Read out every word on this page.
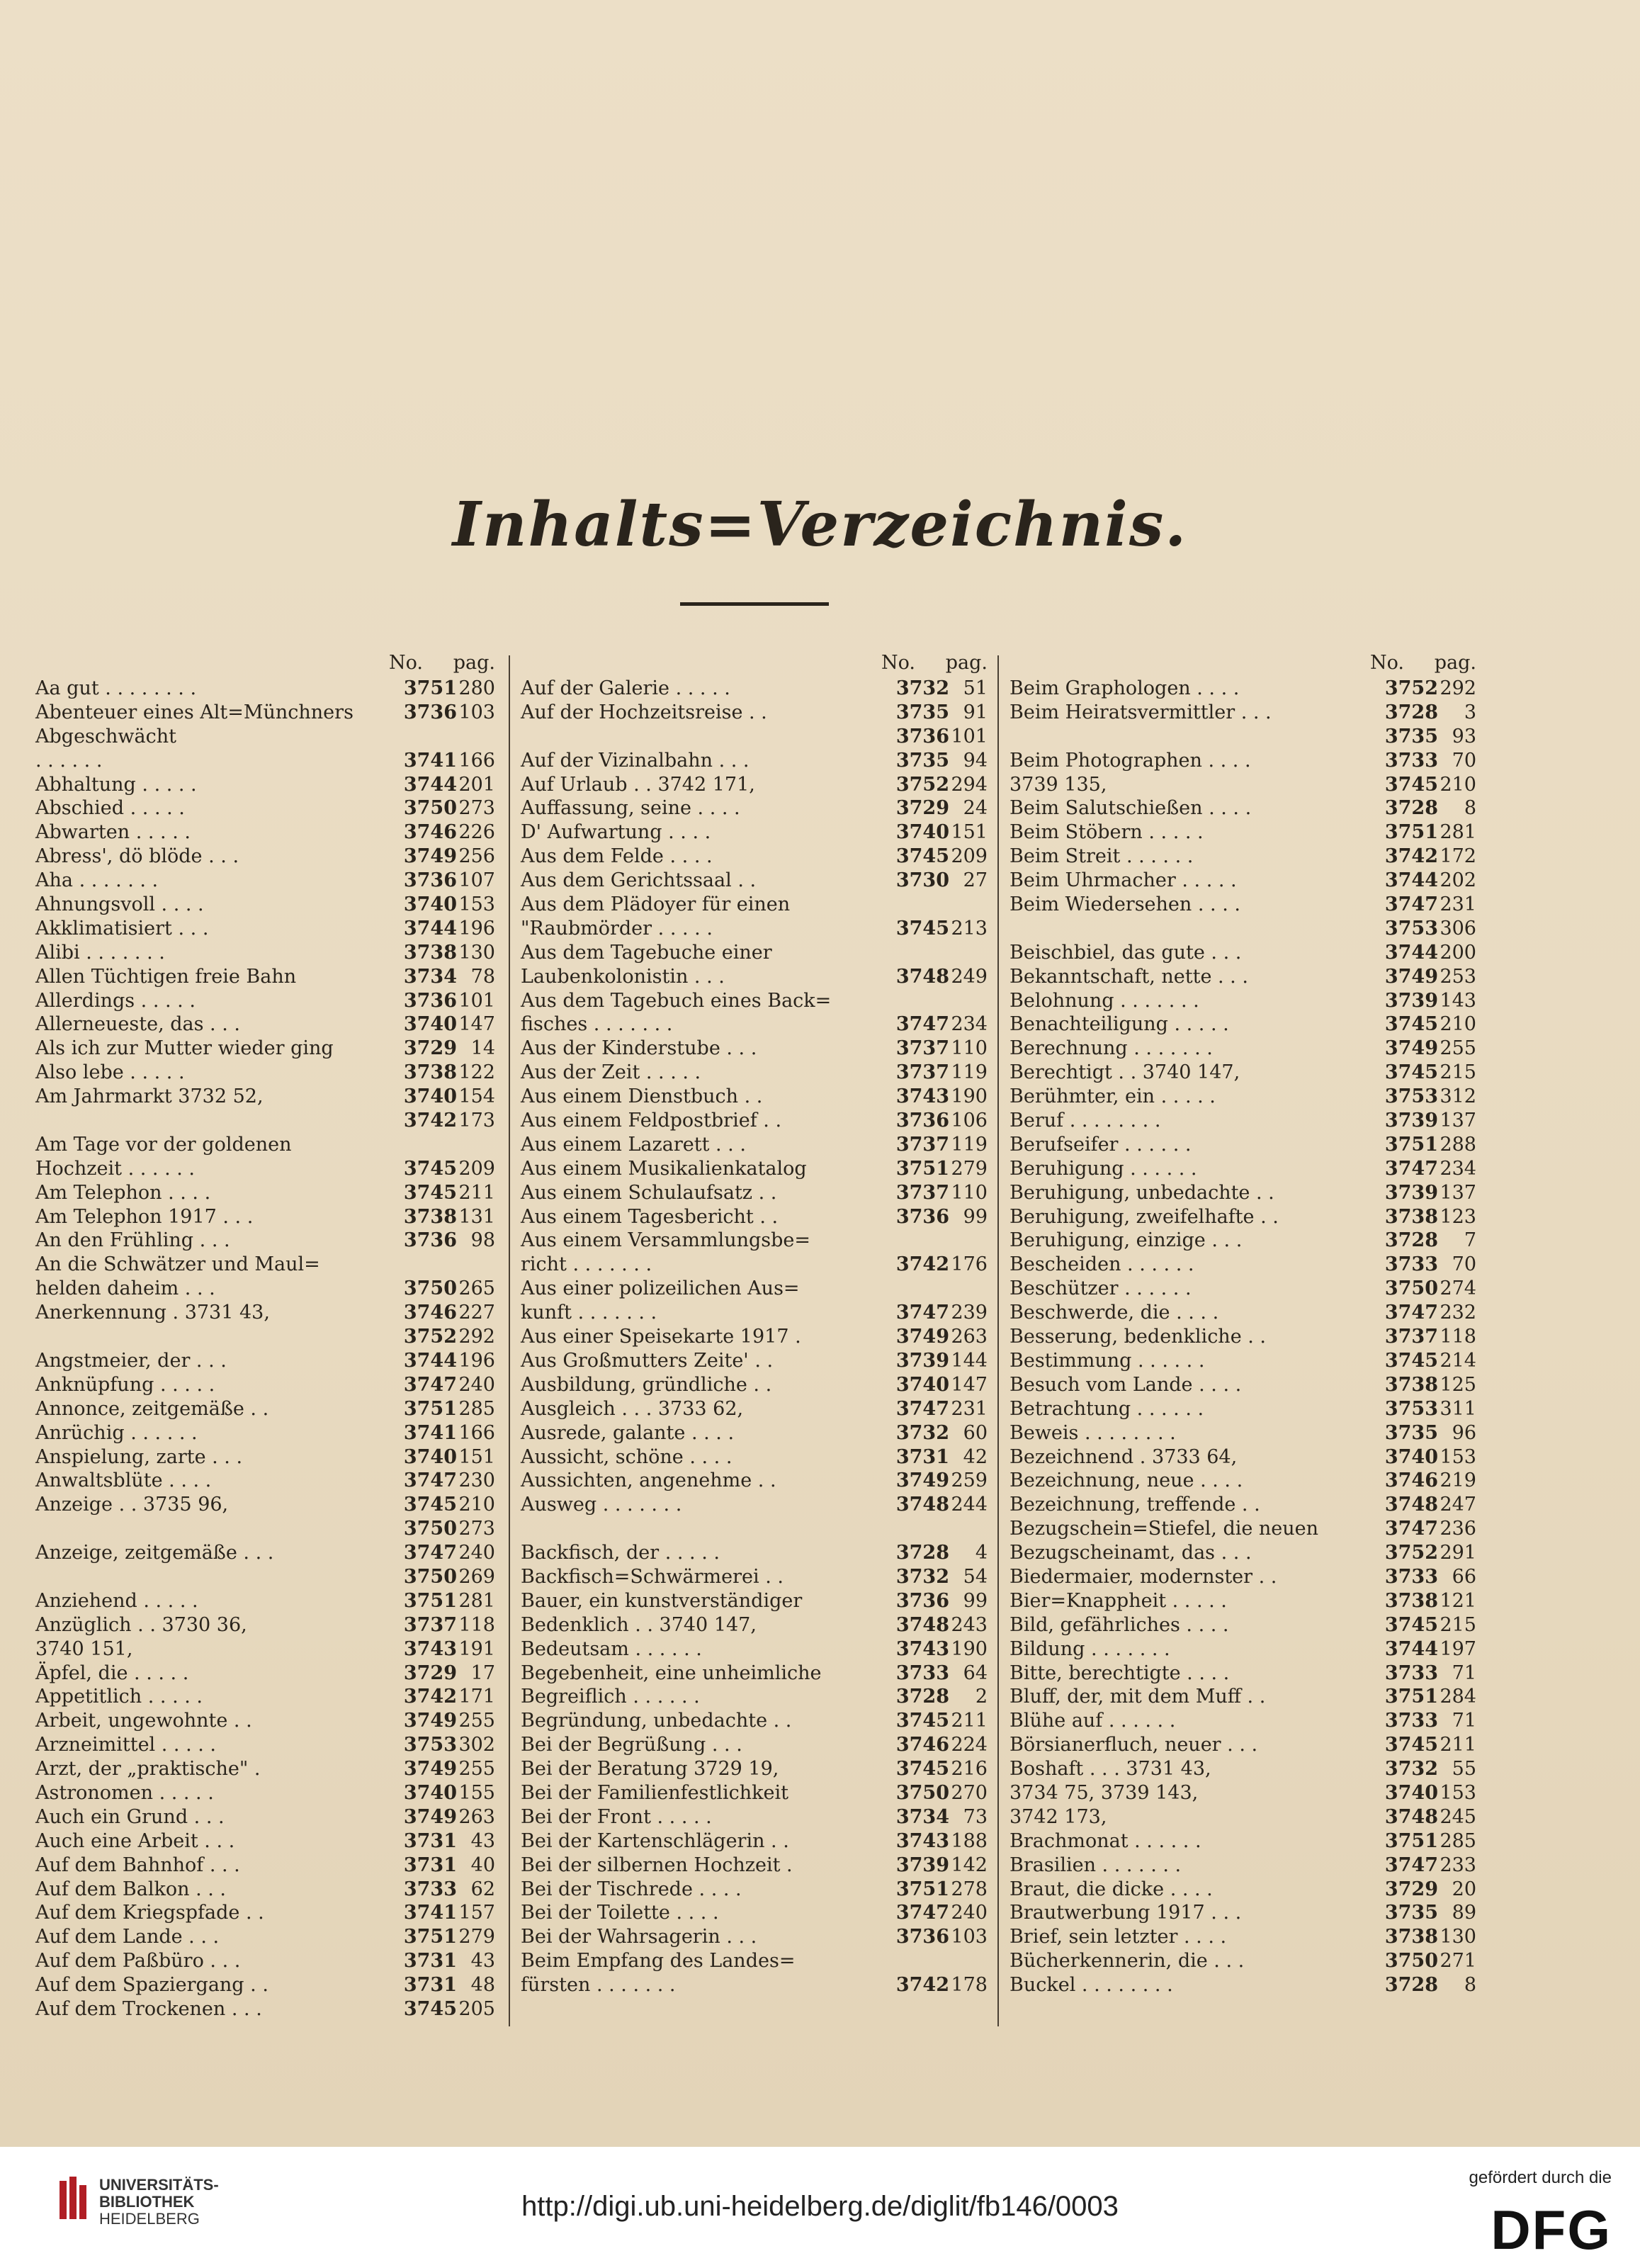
Inhalts=Verzeichnis.
No. pag.
Aa gut . . . . . . . .	3751 280
Abenteuer eines Alt=Münchners	3736 103
Abgeschwächt
. . . . . .	3741 166
Abhaltung . . . . .	3744 201
Abschied . . . . .	3750 273
Abwarten . . . . .	3746 226
Abress', dö blöde . . .	3749 256
Aha . . . . . . .	3736 107
Ahnungsvoll . . . .	3740 153
Akklimatisiert . . .	3744 196
Alibi . . . . . . .	3738 130
Allen Tüchtigen freie Bahn	3734 78
Allerdings . . . . .	3736 101
Allerneueste, das . . .	3740 147
Als ich zur Mutter wieder ging	3729 14
Also lebe . . . . .	3738 122
Am Jahrmarkt 3732 52,	3740 154
3742 173
Am Tage vor der goldenen
Hochzeit . . . . . .	3745 209
Am Telephon . . . .	3745 211
Am Telephon 1917 . . .	3738 131
An den Frühling . . .	3736 98
An die Schwätzer und Maul=
helden daheim . . .	3750 265
Anerkennung . 3731 43,	3746 227
3752 292
Angstmeier, der . . .	3744 196
Anknüpfung . . . . .	3747 240
Annonce, zeitgemäße . .	3751 285
Anrüchig . . . . . .	3741 166
Anspielung, zarte . . .	3740 151
Anwaltsblüte . . . .	3747 230
Anzeige . . 3735 96,	3745 210
3750 273
Anzeige, zeitgemäße . . .	3747 240
3750 269
Anziehend . . . . .	3751 281
Anzüglich . . 3730 36,	3737 118
3740 151,	3743 191
Äpfel, die . . . . .	3729 17
Appetitlich . . . . .	3742 171
Arbeit, ungewohnte . .	3749 255
Arzneimittel . . . . .	3753 302
Arzt, der „praktische" .	3749 255
Astronomen . . . . .	3740 155
Auch ein Grund . . .	3749 263
Auch eine Arbeit . . .	3731 43
Auf dem Bahnhof . . .	3731 40
Auf dem Balkon . . .	3733 62
Auf dem Kriegspfade . .	3741 157
Auf dem Lande . . .	3751 279
Auf dem Paßbüro . . .	3731 43
Auf dem Spaziergang . .	3731 48
Auf dem Trockenen . . .	3745 205
No. pag.
Auf der Galerie . . . . .	3732 51
Auf der Hochzeitsreise . .	3735 91
3736 101
Auf der Vizinalbahn . . .	3735 94
Auf Urlaub . . 3742 171,	3752 294
Auffassung, seine . . . .	3729 24
D' Aufwartung . . . .	3740 151
Aus dem Felde . . . .	3745 209
Aus dem Gerichtssaal . .	3730 27
Aus dem Plädoyer für einen
"Raubmörder . . . . .	3745 213
Aus dem Tagebuche einer
Laubenkolonistin . . .	3748 249
Aus dem Tagebuch eines Back=
fisches . . . . . . .	3747 234
Aus der Kinderstube . . .	3737 110
Aus der Zeit . . . . .	3737 119
Aus einem Dienstbuch . .	3743 190
Aus einem Feldpostbrief . .	3736 106
Aus einem Lazarett . . .	3737 119
Aus einem Musikalienkatalog	3751 279
Aus einem Schulaufsatz . .	3737 110
Aus einem Tagesbericht . .	3736 99
Aus einem Versammlungsbe=
richt . . . . . . .	3742 176
Aus einer polizeilichen Aus=
kunft . . . . . . .	3747 239
Aus einer Speisekarte 1917 .	3749 263
Aus Großmutters Zeite' . .	3739 144
Ausbildung, gründliche . .	3740 147
Ausgleich . . . 3733 62,	3747 231
Ausrede, galante . . . .	3732 60
Aussicht, schöne . . . .	3731 42
Aussichten, angenehme . .	3749 259
Ausweg . . . . . . .	3748 244
Backfisch, der . . . . .	3728 4
Backfisch=Schwärmerei . .	3732 54
Bauer, ein kunstverständiger	3736 99
Bedenklich . . 3740 147,	3748 243
Bedeutsam . . . . . .	3743 190
Begebenheit, eine unheimliche	3733 64
Begreiflich . . . . . .	3728 2
Begründung, unbedachte . .	3745 211
Bei der Begrüßung . . .	3746 224
Bei der Beratung 3729 19,	3745 216
Bei der Familienfestlichkeit	3750 270
Bei der Front . . . . .	3734 73
Bei der Kartenschlägerin . .	3743 188
Bei der silbernen Hochzeit .	3739 142
Bei der Tischrede . . . .	3751 278
Bei der Toilette . . . .	3747 240
Bei der Wahrsagerin . . .	3736 103
Beim Empfang des Landes=
fürsten . . . . . . .	3742 178
No. pag.
Beim Graphologen . . . .	3752 292
Beim Heiratsvermittler . . .	3728 3
3735 93
Beim Photographen . . . .	3733 70
3739 135,	3745 210
Beim Salutschießen . . . .	3728 8
Beim Stöbern . . . . .	3751 281
Beim Streit . . . . . .	3742 172
Beim Uhrmacher . . . . .	3744 202
Beim Wiedersehen . . . .	3747 231
3753 306
Beischbiel, das gute . . .	3744 200
Bekanntschaft, nette . . .	3749 253
Belohnung . . . . . . .	3739 143
Benachteiligung . . . . .	3745 210
Berechnung . . . . . . .	3749 255
Berechtigt . . 3740 147,	3745 215
Berühmter, ein . . . . .	3753 312
Beruf . . . . . . . .	3739 137
Berufseifer . . . . . .	3751 288
Beruhigung . . . . . .	3747 234
Beruhigung, unbedachte . .	3739 137
Beruhigung, zweifelhafte . .	3738 123
Beruhigung, einzige . . .	3728 7
Bescheiden . . . . . .	3733 70
Beschützer . . . . . .	3750 274
Beschwerde, die . . . .	3747 232
Besserung, bedenkliche . .	3737 118
Bestimmung . . . . . .	3745 214
Besuch vom Lande . . . .	3738 125
Betrachtung . . . . . .	3753 311
Beweis . . . . . . . .	3735 96
Bezeichnend . 3733 64,	3740 153
Bezeichnung, neue . . . .	3746 219
Bezeichnung, treffende . .	3748 247
Bezugschein=Stiefel, die neuen	3747 236
Bezugscheinamt, das . . .	3752 291
Biedermaier, modernster . .	3733 66
Bier=Knappheit . . . . .	3738 121
Bild, gefährliches . . . .	3745 215
Bildung . . . . . . .	3744 197
Bitte, berechtigte . . . .	3733 71
Bluff, der, mit dem Muff . .	3751 284
Blühe auf . . . . . .	3733 71
Börsianerfluch, neuer . . .	3745 211
Boshaft . . . 3731 43,	3732 55
3734 75, 3739 143,	3740 153
3742 173,	3748 245
Brachmonat . . . . . .	3751 285
Brasilien . . . . . . .	3747 233
Braut, die dicke . . . .	3729 20
Brautwerbung 1917 . . .	3735 89
Brief, sein letzter . . . .	3738 130
Bücherkennerin, die . . .	3750 271
Buckel . . . . . . . .	3728 8
UNIVERSITÄTS-
BIBLIOTHEK
HEIDELBERG	http://digi.ub.uni-heidelberg.de/diglit/fb146/0003
gefördert durch die
DFG
